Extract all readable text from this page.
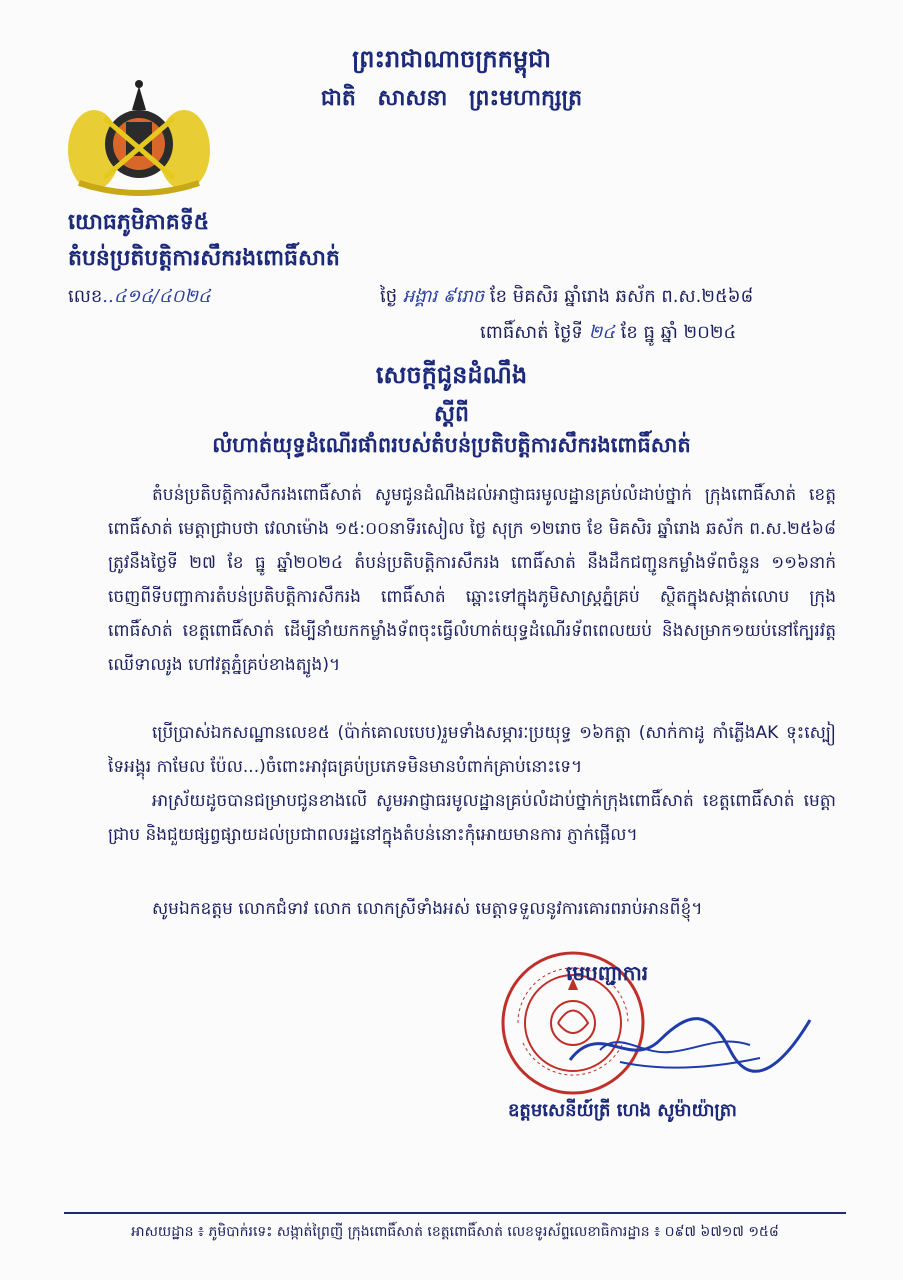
ព្រះរាជាណាចក្រកម្ពុជា
ជាតិ សាសនា ព្រះមហាក្សត្រ
យោធភូមិភាគទី៥
តំបន់ប្រតិបត្តិការសឹករងពោធិ៍សាត់
លេខ..៤១៤/៤០២៤	ថ្ងៃ អង្គារ ៩រោច ខែ មិគសិរ ឆ្នាំរោង ឆស័ក ព.ស.២៥៦៨
ពោធិ៍សាត់ ថ្ងៃទី ២៤ ខែ ធ្នូ ឆ្នាំ ២០២៤
សេចក្តីជូនដំណឹង
ស្តីពី
លំហាត់យុទ្ធដំណើរផាំពរបស់តំបន់ប្រតិបត្តិការសឹករងពោធិ៍សាត់
តំបន់ប្រតិបត្តិការសឹករងពោធិ៍សាត់ សូមជូនដំណឹងដល់អាជ្ញាធរមូលដ្ឋានគ្រប់លំដាប់ថ្នាក់ ក្រុងពោធិ៍សាត់ ខេត្តពោធិ៍សាត់ មេត្តាជ្រាបថា វេលាម៉ោង ១៥:០០នាទីរសៀល ថ្ងៃ សុក្រ ១២រោច ខែ មិគសិរ ឆ្នាំរោង ឆស័ក ព.ស.២៥៦៨ ត្រូវនឹងថ្ងៃទី ២៧ ខែ ធ្នូ ឆ្នាំ២០២៤ តំបន់ប្រតិបត្តិការសឹករង ពោធិ៍សាត់ នឹងដឹកជញ្ជូនកម្លាំងទ័ពចំនួន ១១៦នាក់ ចេញពីទីបញ្ជាការតំបន់ប្រតិបត្តិការសឹករង ពោធិ៍សាត់ ឆ្ពោះទៅក្នុងភូមិសាស្ត្រភ្នំគ្រប់ ស្ថិតក្នុងសង្កាត់លោប ក្រុងពោធិ៍សាត់ ខេត្តពោធិ៍សាត់ ដើម្បីនាំយកកម្លាំងទ័ពចុះធ្វើលំហាត់យុទ្ធដំណើរទ័ពពេលយប់ និងសម្រាក១យប់នៅក្បែរវត្តឈើទាលរូង ហៅវត្តភ្នំគ្រប់ខាងត្បូង)។
ប្រើប្រាស់ឯកសណ្ឋានលេខ៥ (ប៉ាក់គោលបេប)រួមទាំងសម្ភារៈប្រយុទ្ធ ១៦កត្តា (សាក់កាដូ កាំភ្លើងAK ទុះស្បៀ ទៃអង្គុរ កាមែល ប៉ែល...)ចំពោះអាវុធគ្រប់ប្រភេទមិនមានបំពាក់គ្រាប់នោះទេ។
អាស្រ័យដូចបានជម្រាបជូនខាងលើ សូមអាជ្ញាធរមូលដ្ឋានគ្រប់លំដាប់ថ្នាក់ក្រុងពោធិ៍សាត់ ខេត្តពោធិ៍សាត់ មេត្តាជ្រាប និងជួយផ្សព្វផ្សាយដល់ប្រជាពលរដ្ឋនៅក្នុងតំបន់នោះកុំអោយមានការ ភ្ញាក់ផ្អើល។
សូមឯកឧត្តម លោកជំទាវ លោក លោកស្រីទាំងអស់ មេត្តាទទួលនូវការគោរពរាប់អានពីខ្ញុំ។
មេបញ្ជាការ
ឧត្តមសេនីយ៍ត្រី ហេង សូម៉ាយ៉ាត្រា
អាសយដ្ឋាន ៖ ភូមិបាក់រទេះ សង្កាត់ព្រៃញី ក្រុងពោធិ៍សាត់ ខេត្តពោធិ៍សាត់ លេខទូរស័ព្ទលេខាធិការដ្ឋាន ៖ ០៩៧ ៦៧១៧ ១៥៨
